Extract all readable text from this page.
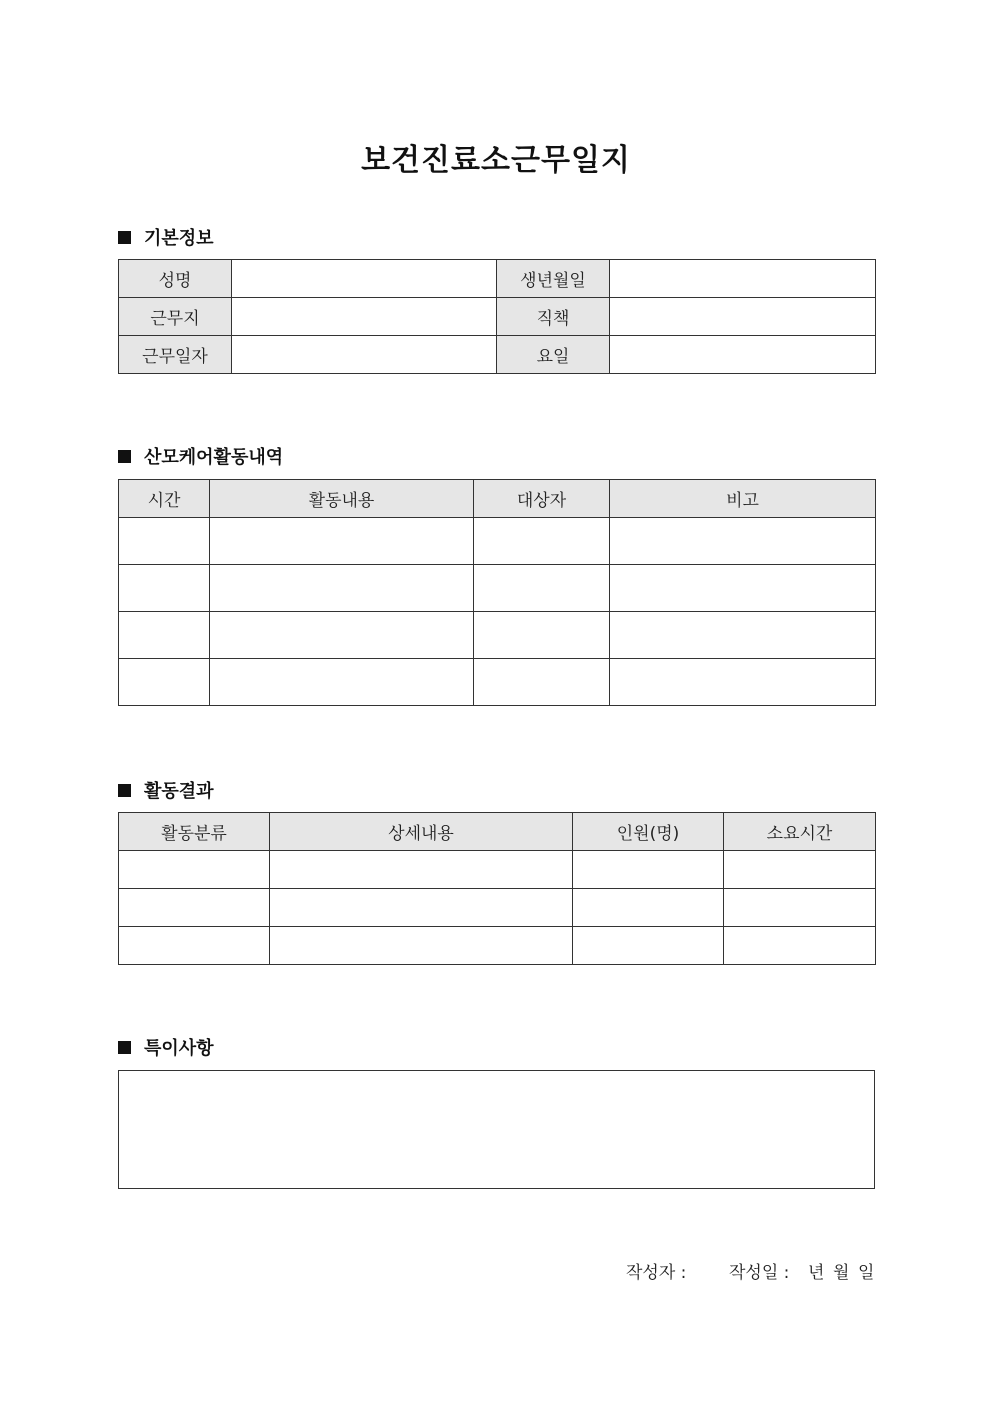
보건진료소근무일지
기본정보
성명		생년월일	
근무지		직책	
근무일자		요일	
산모케어활동내역
시간	활동내용	대상자	비고

활동결과
활동분류	상세내용	인원(명)	소요시간

특이사항
작성자 :	작성일 : 년 월 일
